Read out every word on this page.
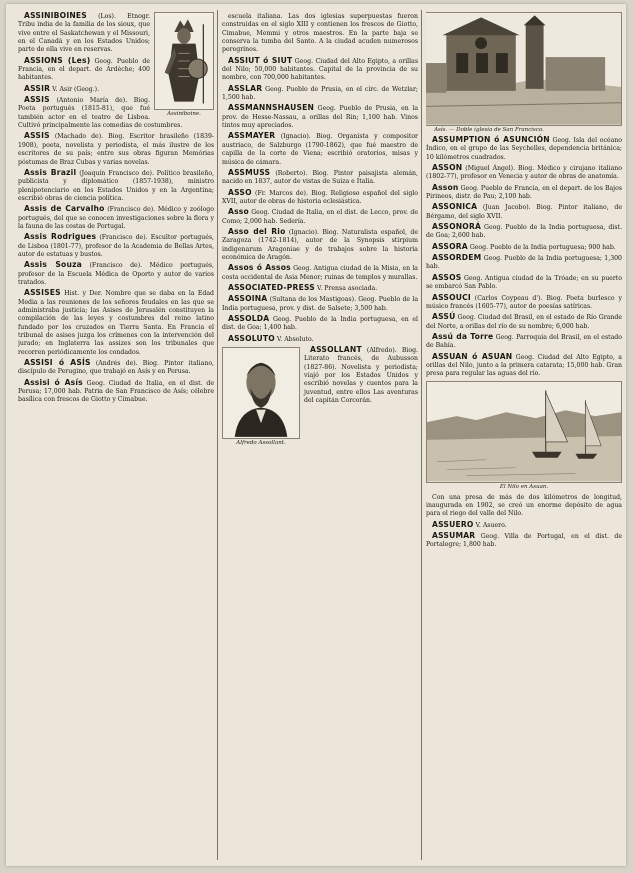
Assiniboine.

ASSINIBOINES (Los). Etnogr. Tribu india de la familia de los sioux, que vive entre el Saskatchewan y el Missouri, en el Canadá y en los Estados Unidos; parte de ella vive en reservas.

ASSIONS (Les) Geog. Pueblo de Francia, en el depart. de Ardèche; 400 habitantes.

ASSIR V. Asir (Geog.).

ASSIS (Antonio María de). Biog. Poeta portugués (1815-81), que fué también actor en el teatro de Lisboa. Cultivó principalmente las comedias de costumbres.

ASSIS (Machado de). Biog. Escritor brasileño (1839-1908), poeta, novelista y periodista, el más ilustre de los escritores de su país; entre sus obras figuran Memórias póstumas de Braz Cubas y varias novelas.

Assis Brazil (Joaquín Francisco de). Político brasileño, publicista y diplomático (1857-1938), ministro plenipotenciario en los Estados Unidos y en la Argentina; escribió obras de ciencia política.

Assis de Carvalho (Francisco de). Médico y zoólogo portugués, del que se conocen investigaciones sobre la flora y la fauna de las costas de Portugal.

Assis Rodrigues (Francisco de). Escultor portugués, de Lisboa (1801-77), profesor de la Academia de Bellas Artes, autor de estatuas y bustos.

Assis Souza (Francisco de). Médico portugués, profesor de la Escuela Médica de Oporto y autor de varios tratados.

ASSISES Hist. y Der. Nombre que se daba en la Edad Media a las reuniones de los señores feudales en las que se administraba justicia; las Asises de Jerusalén constituyen la compilación de las leyes y costumbres del reino latino fundado por los cruzados en Tierra Santa. En Francia el tribunal de asises juzga los crímenes con la intervención del jurado; en Inglaterra las assizes son los tribunales que recorren periódicamente los condados.

ASSISI ó ASÍS (Andrés de). Biog. Pintor italiano, discípulo de Perugino, que trabajó en Asís y en Perusa.

Assisi ó Asís Geog. Ciudad de Italia, en el dist. de Perusa; 17,000 hab. Patria de San Francisco de Asís; célebre basílica con frescos de Giotto y Cimabue.

escuela italiana. Las dos iglesias superpuestas fueron construidas en el siglo XIII y contienen los frescos de Giotto, Cimabue, Memmi y otros maestros. En la parte baja se conserva la tumba del Santo. A la ciudad acuden numerosos peregrinos.

ASSIUT ó SIUT Geog. Ciudad del Alto Egipto, a orillas del Nilo; 50,000 habitantes. Capital de la provincia de su nombre, con 700,000 habitantes.

ASSLAR Geog. Pueblo de Prusia, en el círc. de Wetzlar; 1,500 hab.

ASSMANNSHAUSEN Geog. Pueblo de Prusia, en la prov. de Hesse-Nassau, a orillas del Rin; 1,100 hab. Vinos tintos muy apreciados.

ASSMAYER (Ignacio). Biog. Organista y compositor austriaco, de Salzburgo (1790-1862), que fué maestro de capilla de la corte de Viena; escribió oratorios, misas y música de cámara.

ASSMUSS (Roberto). Biog. Pintor paisajista alemán, nacido en 1837, autor de vistas de Suiza e Italia.

ASSO (Fr. Marcos de). Biog. Religioso español del siglo XVII, autor de obras de historia eclesiástica.

Asso Geog. Ciudad de Italia, en el dist. de Lecco, prov. de Como; 2,000 hab. Sedería.

Asso del Rio (Ignacio). Biog. Naturalista español, de Zaragoza (1742-1814), autor de la Synopsis stirpium indigenarum Aragoniae y de trabajos sobre la historia económica de Aragón.

Assos ó Assos Geog. Antigua ciudad de la Misia, en la costa occidental de Asia Menor; ruinas de templos y murallas.

ASSOCIATED-PRESS V. Prensa asociada.

ASSOINA (Sultana de los Mastigoas). Geog. Pueblo de la India portuguesa, prov. y dist. de Salsete; 3,500 hab.

ASSOLDA Geog. Pueblo de la India portuguesa, en el dist. de Goa; 1,400 hab.

ASSOLUTO V. Absoluto.

Alfredo Assollant.

ASSOLLANT (Alfredo). Biog. Literato francés, de Aubusson (1827-86). Novelista y periodista; viajó por los Estados Unidos y escribió novelas y cuentos para la juventud, entre ellos Las aventuras del capitán Corcorán.

Asís. — Doble iglesia de San Francisco.

ASSUMPTION ó ASUNCIÓN Geog. Isla del océano Índico, en el grupo de las Seychelles, dependencia británica; 10 kilómetros cuadrados.

ASSON (Miguel Ángel). Biog. Médico y cirujano italiano (1802-77), profesor en Venecia y autor de obras de anatomía.

Asson Geog. Pueblo de Francia, en el depart. de los Bajos Pirineos, distr. de Pau; 2,100 hab.

ASSONICA (Juan Jacobo). Biog. Pintor italiano, de Bérgamo, del siglo XVII.

ASSONORÁ Geog. Pueblo de la India portuguesa, dist. de Goa; 2,600 hab.

ASSORA Geog. Pueblo de la India portuguesa; 900 hab.

ASSORDEM Geog. Pueblo de la India portuguesa; 1,300 hab.

ASSOS Geog. Antigua ciudad de la Tróade; en su puerto se embarcó San Pablo.

ASSOUCI (Carlos Coypeau d'). Biog. Poeta burlesco y músico francés (1605-77), autor de poesías satíricas.

ASSÚ Geog. Ciudad del Brasil, en el estado de Río Grande del Norte, a orillas del río de su nombre; 6,000 hab.

Assú da Torre Geog. Parroquia del Brasil, en el estado de Bahía.

ASSUAN ó ASUAN Geog. Ciudad del Alto Egipto, a orillas del Nilo, junto a la primera catarata; 15,000 hab. Gran presa para regular las aguas del río.

El Nilo en Asuan.

Con una presa de más de dos kilómetros de longitud, inaugurada en 1902, se creó un enorme depósito de agua para el riego del valle del Nilo.

ASSUERO V. Asuero.

ASSUMAR Geog. Villa de Portugal, en el dist. de Portalegre; 1,800 hab.
